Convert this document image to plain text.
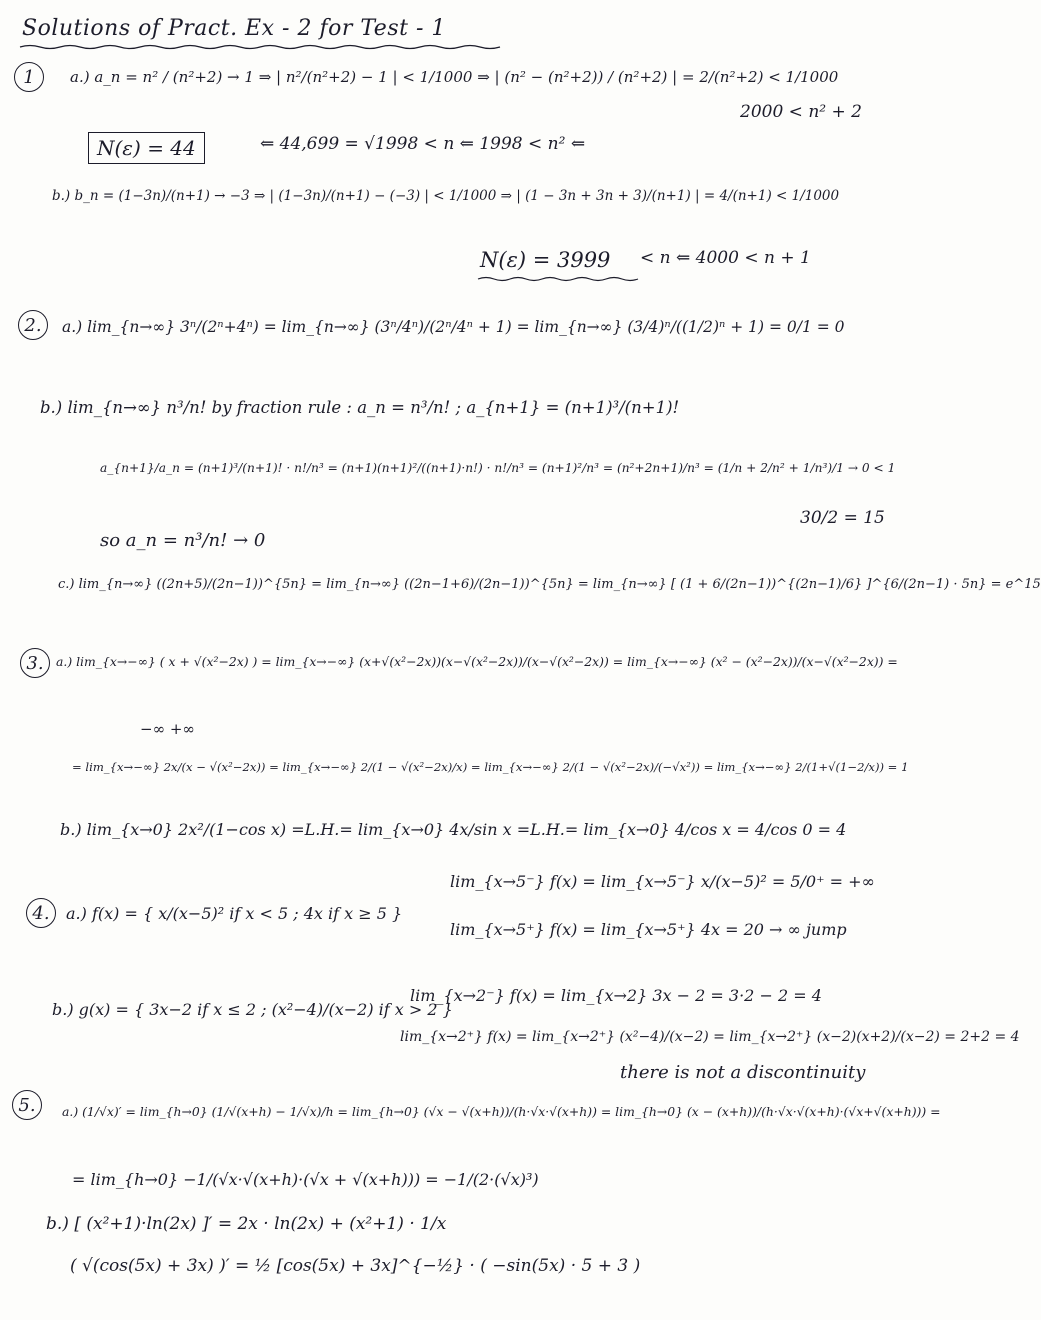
Solutions of Pract. Ex - 2 for Test - 1
1	a.) a_n = n² / (n²+2) → 1 ⇒ | n²/(n²+2) − 1 | < 1/1000 ⇒ | (n² − (n²+2)) / (n²+2) | = 2/(n²+2) < 1/1000
2000 < n² + 2
N(ε) = 44	⇐ 44,699 = √1998 < n ⇐ 1998 < n² ⇐
b.) b_n = (1−3n)/(n+1) → −3 ⇒ | (1−3n)/(n+1) − (−3) | < 1/1000 ⇒ | (1 − 3n + 3n + 3)/(n+1) | = 4/(n+1) < 1/1000
N(ε) = 3999 < n ⇐ 4000 < n + 1
2.	a.) lim_{n→∞} 3ⁿ/(2ⁿ+4ⁿ) = lim_{n→∞} (3ⁿ/4ⁿ)/(2ⁿ/4ⁿ + 1) = lim_{n→∞} (3/4)ⁿ/((1/2)ⁿ + 1) = 0/1 = 0
b.) lim_{n→∞} n³/n! by fraction rule : a_n = n³/n! ; a_{n+1} = (n+1)³/(n+1)!
a_{n+1}/a_n = (n+1)³/(n+1)! · n!/n³ = (n+1)(n+1)²/((n+1)·n!) · n!/n³ = (n+1)²/n³ = (n²+2n+1)/n³ = (1/n + 2/n² + 1/n³)/1 → 0 < 1
so a_n = n³/n! → 0
30/2 = 15
c.) lim_{n→∞} ((2n+5)/(2n−1))^{5n} = lim_{n→∞} ((2n−1+6)/(2n−1))^{5n} = lim_{n→∞} [ (1 + 6/(2n−1))^{(2n−1)/6} ]^{6/(2n−1) · 5n} = e^15
3.	a.) lim_{x→−∞} ( x + √(x²−2x) ) = lim_{x→−∞} (x+√(x²−2x))(x−√(x²−2x))/(x−√(x²−2x)) = lim_{x→−∞} (x² − (x²−2x))/(x−√(x²−2x)) =
−∞ +∞
= lim_{x→−∞} 2x/(x − √(x²−2x)) = lim_{x→−∞} 2/(1 − √(x²−2x)/x) = lim_{x→−∞} 2/(1 − √(x²−2x)/(−√x²)) = lim_{x→−∞} 2/(1+√(1−2/x)) = 1
b.) lim_{x→0} 2x²/(1−cos x) =L.H.= lim_{x→0} 4x/sin x =L.H.= lim_{x→0} 4/cos x = 4/cos 0 = 4
4.	a.) f(x) = { x/(x−5)² if x < 5 ; 4x if x ≥ 5 }
lim_{x→5⁻} f(x) = lim_{x→5⁻} x/(x−5)² = 5/0⁺ = +∞
lim_{x→5⁺} f(x) = lim_{x→5⁺} 4x = 20 → ∞ jump
b.) g(x) = { 3x−2 if x ≤ 2 ; (x²−4)/(x−2) if x > 2 }
lim_{x→2⁻} f(x) = lim_{x→2} 3x − 2 = 3·2 − 2 = 4
lim_{x→2⁺} f(x) = lim_{x→2⁺} (x²−4)/(x−2) = lim_{x→2⁺} (x−2)(x+2)/(x−2) = 2+2 = 4
there is not a discontinuity
5.	a.) (1/√x)′ = lim_{h→0} (1/√(x+h) − 1/√x)/h = lim_{h→0} (√x − √(x+h))/(h·√x·√(x+h)) = lim_{h→0} (x − (x+h))/(h·√x·√(x+h)·(√x+√(x+h))) =
= lim_{h→0} −1/(√x·√(x+h)·(√x + √(x+h))) = −1/(2·(√x)³)
b.) [ (x²+1)·ln(2x) ]′ = 2x · ln(2x) + (x²+1) · 1/x
( √(cos(5x) + 3x) )′ = ½ [cos(5x) + 3x]^{−½} · ( −sin(5x) · 5 + 3 )
